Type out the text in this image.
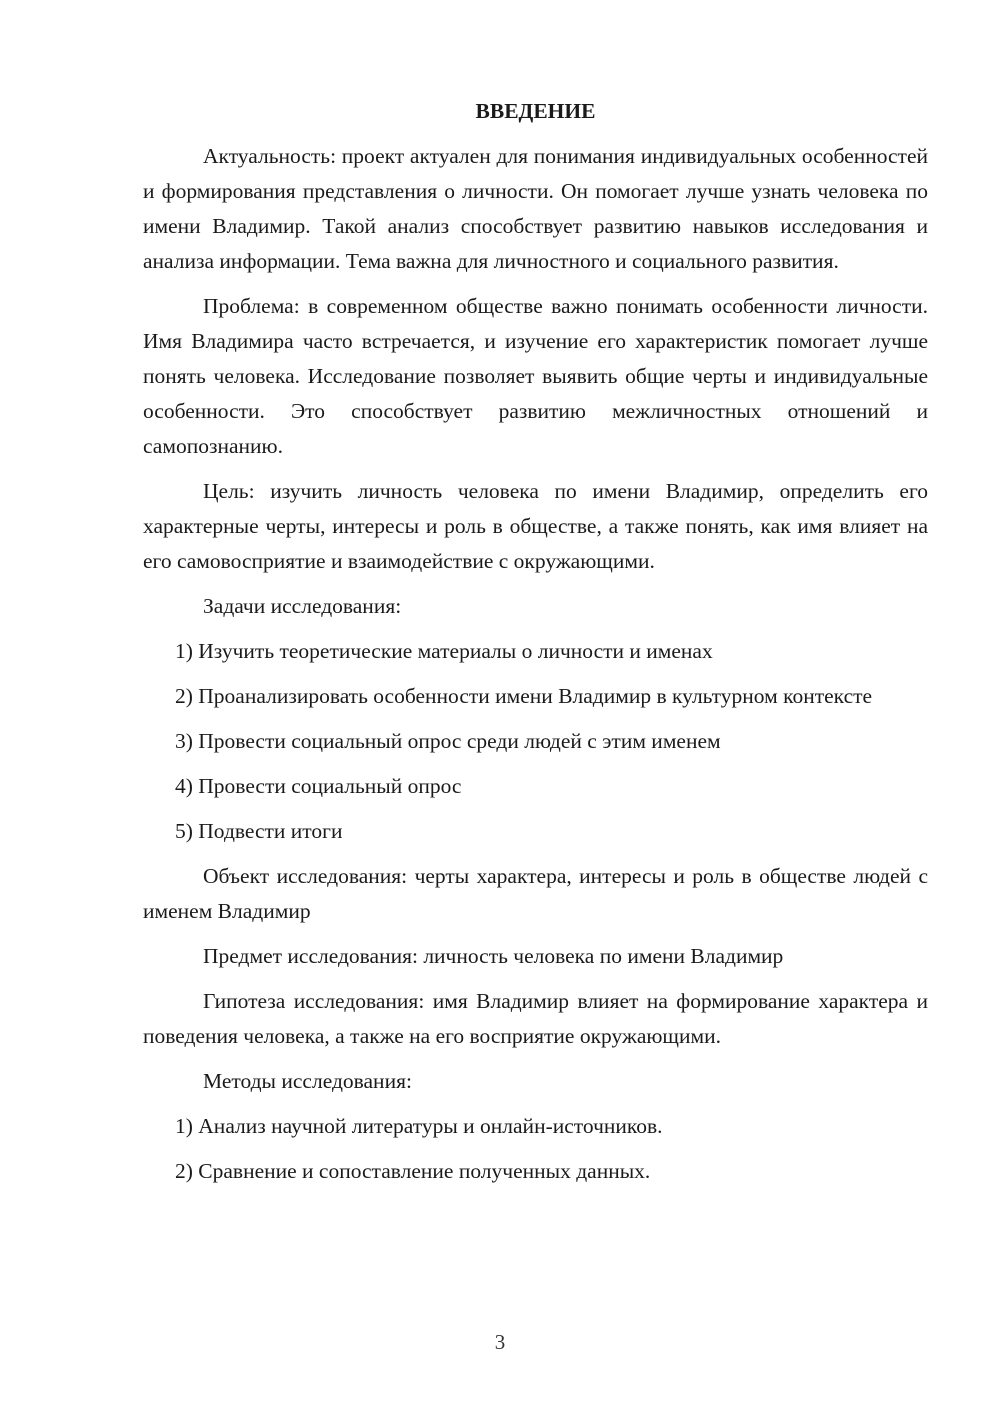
ВВЕДЕНИЕ

Актуальность: проект актуален для понимания индивидуальных особенностей и формирования представления о личности. Он помогает лучше узнать человека по имени Владимир. Такой анализ способствует развитию навыков исследования и анализа информации. Тема важна для личностного и социального развития.

Проблема: в современном обществе важно понимать особенности личности. Имя Владимира часто встречается, и изучение его характеристик помогает лучше понять человека. Исследование позволяет выявить общие черты и индивидуальные особенности. Это способствует развитию межличностных отношений и самопознанию.

Цель: изучить личность человека по имени Владимир, определить его характерные черты, интересы и роль в обществе, а также понять, как имя влияет на его самовосприятие и взаимодействие с окружающими.

Задачи исследования:

1) Изучить теоретические материалы о личности и именах

2) Проанализировать особенности имени Владимир в культурном контексте

3) Провести социальный опрос среди людей с этим именем

4) Провести социальный опрос

5) Подвести итоги

Объект исследования: черты характера, интересы и роль в обществе людей с именем Владимир

Предмет исследования: личность человека по имени Владимир

Гипотеза исследования: имя Владимир влияет на формирование характера и поведения человека, а также на его восприятие окружающими.

Методы исследования:

1) Анализ научной литературы и онлайн-источников.

2) Сравнение и сопоставление полученных данных.

3
